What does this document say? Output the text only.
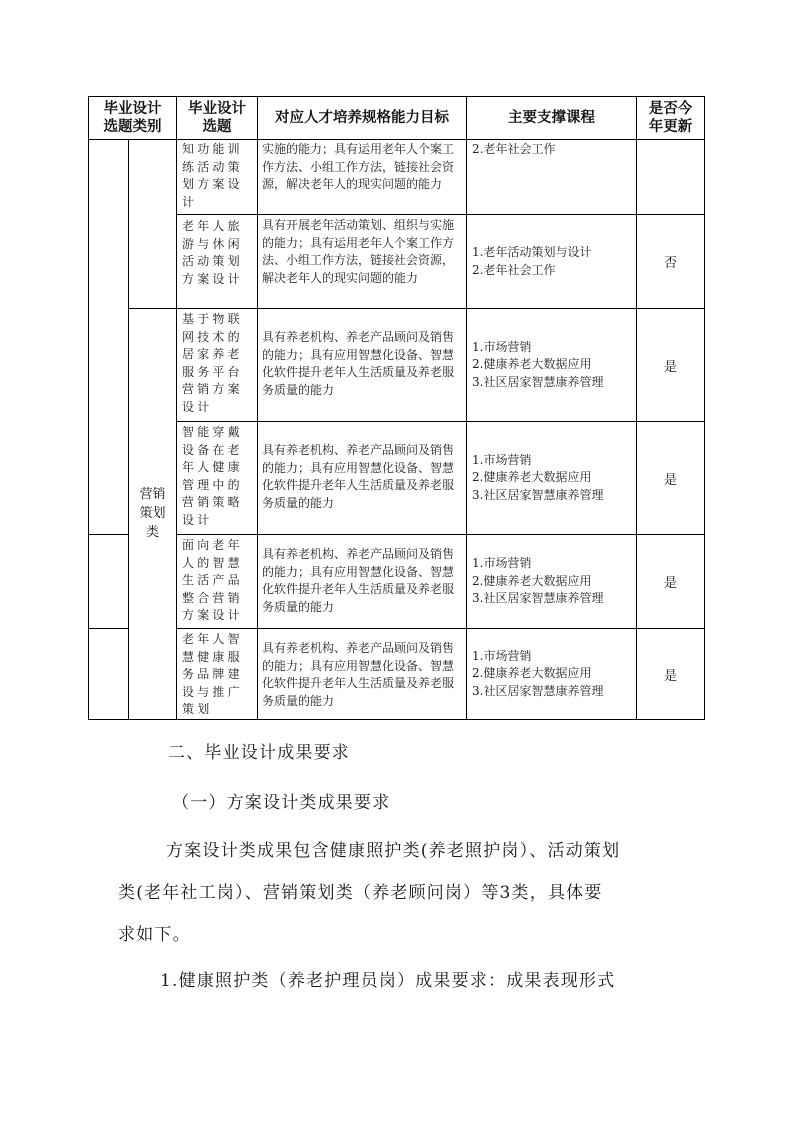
毕业设计
选题类别
毕业设计
选题
对应人才培养规格能力目标	主要支撑课程
是否今
年更新
营销
策划
类
知功能训练活动策划方案设计
实施的能力；具有运用老年人个案工作方法、小组工作方法，链接社会资源，解决老年人的现实问题的能力
2.老年社会工作
老年人旅游与休闲活动策划方案设计
具有开展老年活动策划、组织与实施的能力；具有运用老年人个案工作方法、小组工作方法，链接社会资源，解决老年人的现实问题的能力
1.老年活动策划与设计
2.老年社会工作	否
基于物联网技术的居家养老服务平台营销方案设计
具有养老机构、养老产品顾问及销售的能力；具有应用智慧化设备、智慧化软件提升老年人生活质量及养老服务质量的能力
1.市场营销
2.健康养老大数据应用
3.社区居家智慧康养管理
是
智能穿戴设备在老年人健康管理中的营销策略设计
具有养老机构、养老产品顾问及销售的能力；具有应用智慧化设备、智慧化软件提升老年人生活质量及养老服务质量的能力
1.市场营销
2.健康养老大数据应用
3.社区居家智慧康养管理
是
面向老年人的智慧生活产品整合营销方案设计
具有养老机构、养老产品顾问及销售的能力；具有应用智慧化设备、智慧化软件提升老年人生活质量及养老服务质量的能力
1.市场营销
2.健康养老大数据应用
3.社区居家智慧康养管理
是
老年人智慧健康服务品牌建设与推广策划
具有养老机构、养老产品顾问及销售的能力；具有应用智慧化设备、智慧化软件提升老年人生活质量及养老服务质量的能力
1.市场营销
2.健康养老大数据应用
3.社区居家智慧康养管理
是
二、毕业设计成果要求
（一）方案设计类成果要求
方案设计类成果包含健康照护类(养老照护岗）、活动策划
类(老年社工岗）、营销策划类（养老顾问岗）等3类，具体要
求如下。
1.健康照护类（养老护理员岗）成果要求：成果表现形式
